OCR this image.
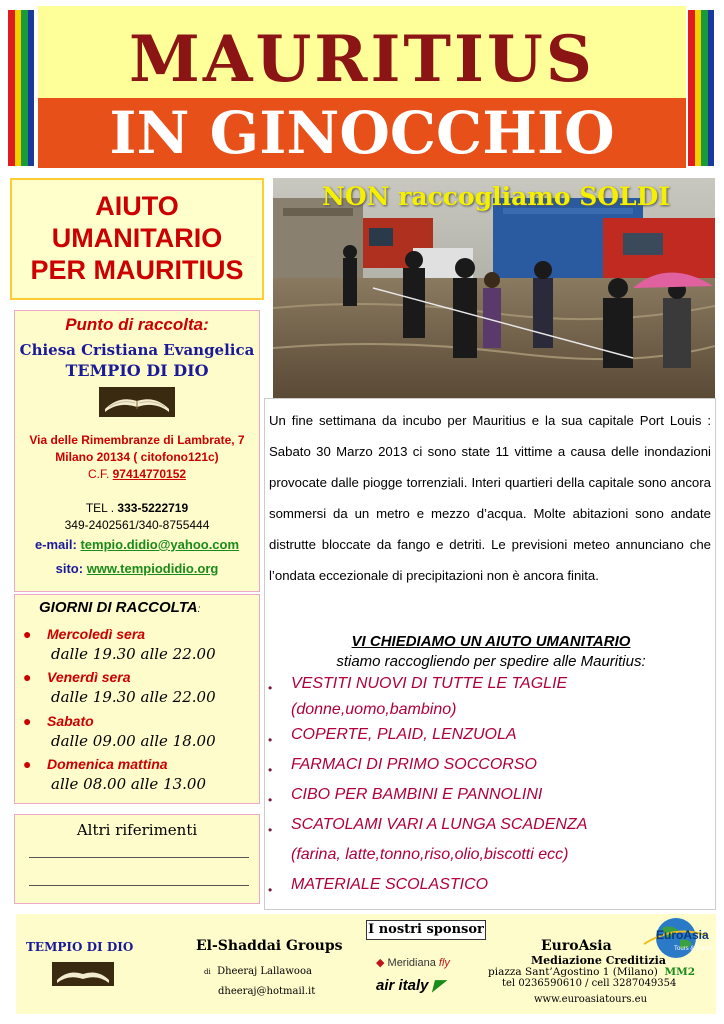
MAURITIUS
IN GINOCCHIO
AIUTO
UMANITARIO
PER MAURITIUS
Punto di raccolta:
Chiesa Cristiana Evangelica
TEMPIO DI DIO
Via delle Rimembranze di Lambrate, 7
Milano 20134 ( citofono121c)
C.F. 97414770152
TEL . 333-5222719
349-2402561/340-8755444
e-mail: tempio.didio@yahoo.com
sito: www.tempiodidio.org
GIORNI DI RACCOLTA:
● Mercoledì sera
dalle 19.30 alle 22.00
● Venerdì sera
dalle 19.30 alle 22.00
● Sabato
dalle 09.00 alle 18.00
● Domenica mattina
alle 08.00 alle 13.00
Altri riferimenti
NON raccogliamo SOLDI
Un fine settimana da incubo per Mauritius e la sua capitale Port Louis : Sabato 30 Marzo 2013 ci sono state 11 vittime a causa delle inondazioni provocate dalle piogge torrenziali. Interi quartieri della capitale sono ancora sommersi da un metro e mezzo d’acqua. Molte abitazioni sono andate distrutte bloccate da fango e detriti. Le previsioni meteo annunciano che l’ondata eccezionale di precipitazioni non è ancora finita.
VI CHIEDIAMO UN AIUTO UMANITARIO
stiamo raccogliendo per spedire alle Mauritius:
• VESTITI NUOVI DI TUTTE LE TAGLIE
(donne,uomo,bambino)
• COPERTE, PLAID, LENZUOLA
• FARMACI DI PRIMO SOCCORSO
• CIBO PER BAMBINI E PANNOLINI
• SCATOLAMI VARI A LUNGA SCADENZA
(farina, latte,tonno,riso,olio,biscotti ecc)
• MATERIALE SCOLASTICO
TEMPIO DI DIO	El-Shaddai Groups
di Dheeraj Lallawooa
dheeraj@hotmail.it
I nostri sponsor
◆ Meridiana fly
air italy ◤
EuroAsia
Mediazione Creditizia
piazza Sant’Agostino 1 (Milano) MM2
tel 0236590610 / cell 3287049354
www.euroasiatours.eu
EuroAsia
Tours & Travel
